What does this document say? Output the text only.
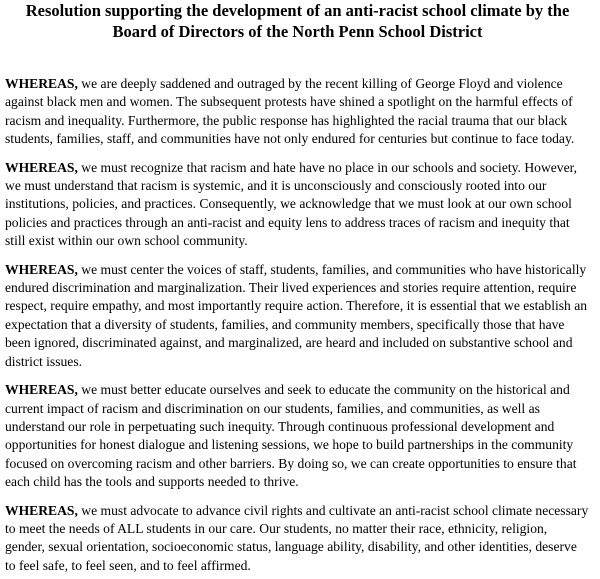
Resolution supporting the development of an anti-racist school climate by the
Board of Directors of the North Penn School District

WHEREAS, we are deeply saddened and outraged by the recent killing of George Floyd and violence against black men and women. The subsequent protests have shined a spotlight on the harmful effects of racism and inequality. Furthermore, the public response has highlighted the racial trauma that our black students, families, staff, and communities have not only endured for centuries but continue to face today.

WHEREAS, we must recognize that racism and hate have no place in our schools and society. However, we must understand that racism is systemic, and it is unconsciously and consciously rooted into our institutions, policies, and practices. Consequently, we acknowledge that we must look at our own school policies and practices through an anti-racist and equity lens to address traces of racism and inequity that still exist within our own school community.

WHEREAS, we must center the voices of staff, students, families, and communities who have historically endured discrimination and marginalization. Their lived experiences and stories require attention, require respect, require empathy, and most importantly require action. Therefore, it is essential that we establish an expectation that a diversity of students, families, and community members, specifically those that have been ignored, discriminated against, and marginalized, are heard and included on substantive school and district issues.

WHEREAS, we must better educate ourselves and seek to educate the community on the historical and current impact of racism and discrimination on our students, families, and communities, as well as understand our role in perpetuating such inequity. Through continuous professional development and opportunities for honest dialogue and listening sessions, we hope to build partnerships in the community focused on overcoming racism and other barriers. By doing so, we can create opportunities to ensure that each child has the tools and supports needed to thrive.

WHEREAS, we must advocate to advance civil rights and cultivate an anti-racist school climate necessary to meet the needs of ALL students in our care. Our students, no matter their race, ethnicity, religion, gender, sexual orientation, socioeconomic status, language ability, disability, and other identities, deserve to feel safe, to feel seen, and to feel affirmed.
